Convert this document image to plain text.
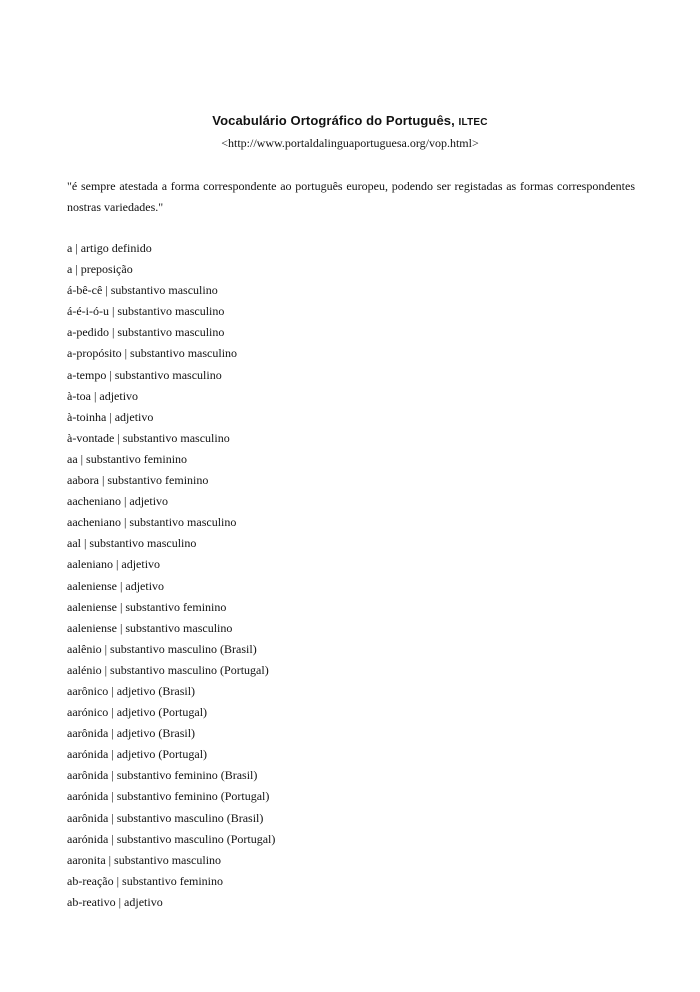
Vocabulário Ortográfico do Português, ILTEC
<http://www.portaldalinguaportuguesa.org/vop.html>

"é sempre atestada a forma correspondente ao português europeu, podendo ser registadas as formas correspondentes nostras variedades."

a | artigo definido
a | preposição
á-bê-cê | substantivo masculino
á-é-i-ó-u | substantivo masculino
a-pedido | substantivo masculino
a-propósito | substantivo masculino
a-tempo | substantivo masculino
à-toa | adjetivo
à-toinha | adjetivo
à-vontade | substantivo masculino
aa | substantivo feminino
aabora | substantivo feminino
aacheniano | adjetivo
aacheniano | substantivo masculino
aal | substantivo masculino
aaleniano | adjetivo
aaleniense | adjetivo
aaleniense | substantivo feminino
aaleniense | substantivo masculino
aalênio | substantivo masculino (Brasil)
aalénio | substantivo masculino (Portugal)
aarônico | adjetivo (Brasil)
aarónico | adjetivo (Portugal)
aarônida | adjetivo (Brasil)
aarónida | adjetivo (Portugal)
aarônida | substantivo feminino (Brasil)
aarónida | substantivo feminino (Portugal)
aarônida | substantivo masculino (Brasil)
aarónida | substantivo masculino (Portugal)
aaronita | substantivo masculino
ab-reação | substantivo feminino
ab-reativo | adjetivo
